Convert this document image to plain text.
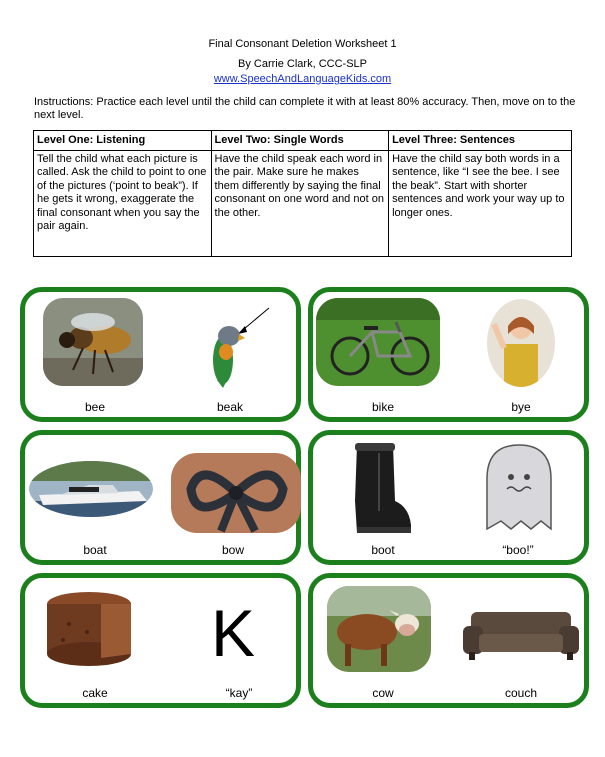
Final Consonant Deletion Worksheet 1
By Carrie Clark, CCC-SLP
www.SpeechAndLanguageKids.com
Instructions: Practice each level until the child can complete it with at least 80% accuracy. Then, move on to the next level.
Level One: Listening	Level Two: Single Words	Level Three: Sentences
Tell the child what each picture is called. Ask the child to point to one of the pictures (‘point to beak”). If he gets it wrong, exaggerate the final consonant when you say the pair again.	Have the child speak each word in the pair. Make sure he makes them differently by saying the final consonant on one word and not on the other.	Have the child say both words in a sentence, like “I see the bee. I see the beak”. Start with shorter sentences and work your way up to longer ones.
bee	beak	bike	bye
boat	bow	boot	“boo!”
K
cake	“kay”	cow	couch
